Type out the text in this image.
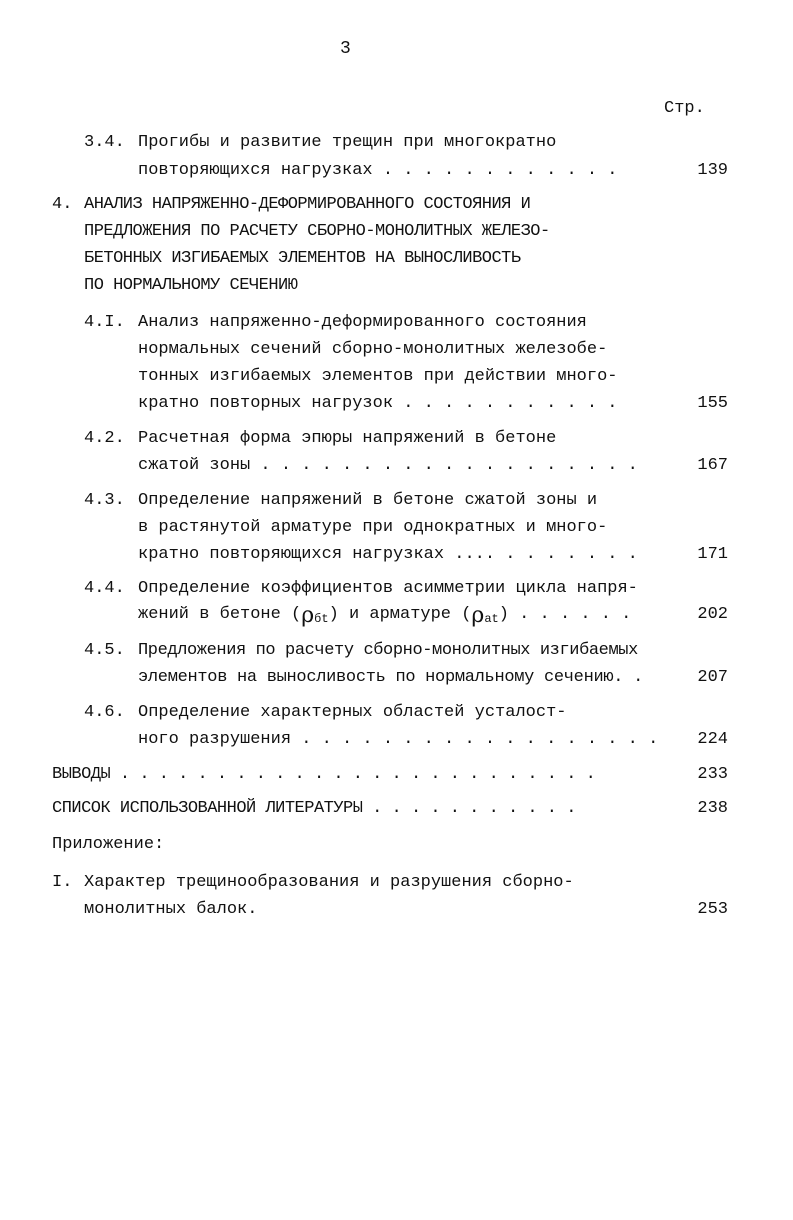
3
Стр.
3.4. Прогибы и развитие трещин при многократно
повторяющихся нагрузках . . . . . . . . . . . .	139
4. АНАЛИЗ НАПРЯЖЕННО-ДЕФОРМИРОВАННОГО СОСТОЯНИЯ И
ПРЕДЛОЖЕНИЯ ПО РАСЧЕТУ СБОРНО-МОНОЛИТНЫХ ЖЕЛЕЗО-
БЕТОННЫХ ИЗГИБАЕМЫХ ЭЛЕМЕНТОВ НА ВЫНОСЛИВОСТЬ
ПО НОРМАЛЬНОМУ СЕЧЕНИЮ
4.I. Анализ напряженно-деформированного состояния
нормальных сечений сборно-монолитных железобе-
тонных изгибаемых элементов при действии много-
кратно повторных нагрузок . . . . . . . . . . .	155
4.2. Расчетная форма эпюры напряжений в бетоне
сжатой зоны . . . . . . . . . . . . . . . . . . .	167
4.3. Определение напряжений в бетоне сжатой зоны и
в растянутой арматуре при однократных и много-
кратно повторяющихся нагрузках .... . . . . . . .	171
4.4. Определение коэффициентов асимметрии цикла напря-
жений в бетоне $(\rho_{бt})$ и арматуре $(\rho_{at})$ . . . . . .	202
4.5. Предложения по расчету сборно-монолитных изгибаемых
элементов на выносливость по нормальному сечению. .	207
4.6. Определение характерных областей усталост-
ного разрушения . . . . . . . . . . . . . . . . . .	224
ВЫВОДЫ . . . . . . . . . . . . . . . . . . . . . . . . .	233
СПИСОК ИСПОЛЬЗОВАННОЙ ЛИТЕРАТУРЫ . . . . . . . . . . .	238
Приложение:
I. Характер трещинообразования и разрушения сборно-
монолитных балок.	253
